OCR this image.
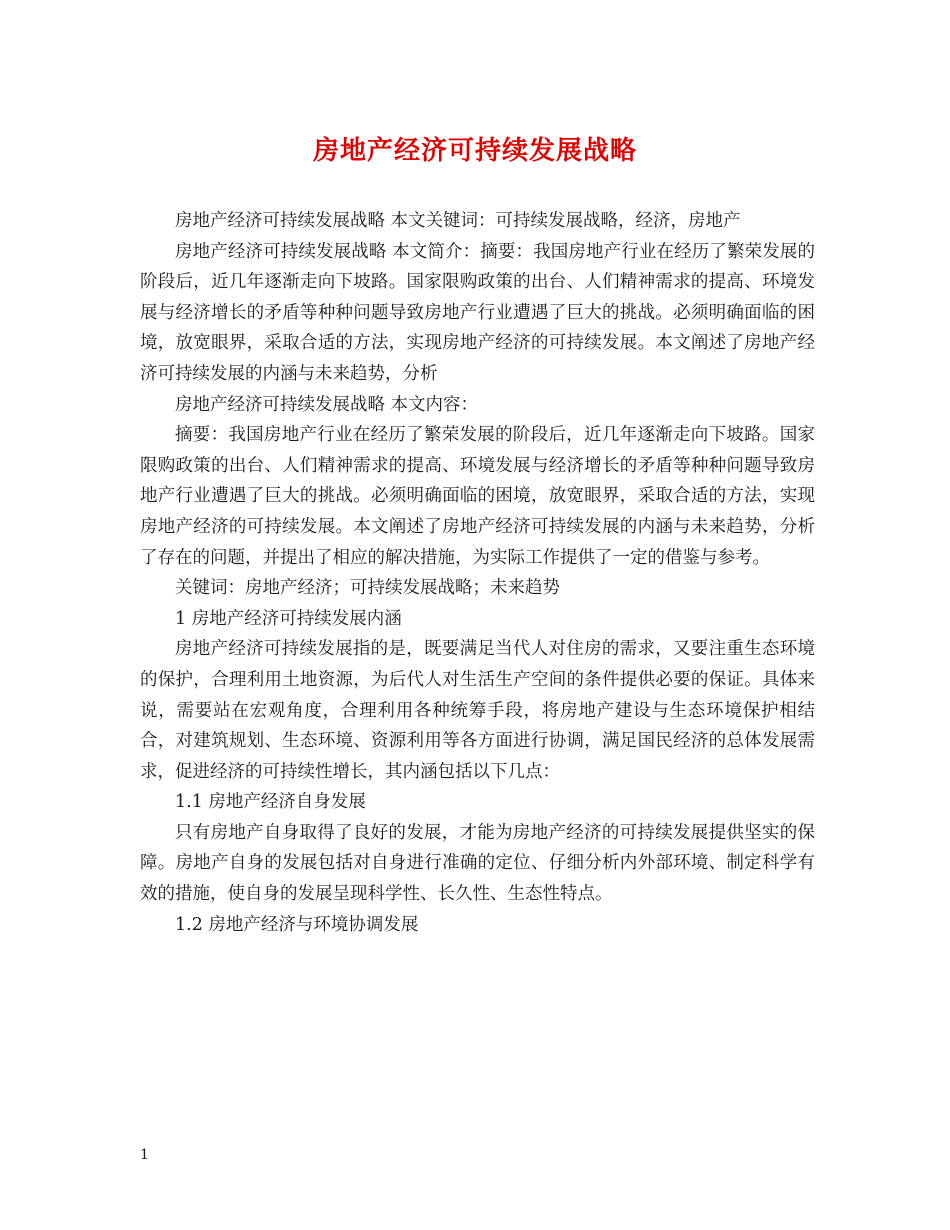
房地产经济可持续发展战略

房地产经济可持续发展战略 本文关键词：可持续发展战略，经济，房地产

房地产经济可持续发展战略 本文简介：摘要：我国房地产行业在经历了繁荣发展的阶段后，近几年逐渐走向下坡路。国家限购政策的出台、人们精神需求的提高、环境发展与经济增长的矛盾等种种问题导致房地产行业遭遇了巨大的挑战。必须明确面临的困境，放宽眼界，采取合适的方法，实现房地产经济的可持续发展。本文阐述了房地产经济可持续发展的内涵与未来趋势，分析

房地产经济可持续发展战略 本文内容：

摘要：我国房地产行业在经历了繁荣发展的阶段后，近几年逐渐走向下坡路。国家限购政策的出台、人们精神需求的提高、环境发展与经济增长的矛盾等种种问题导致房地产行业遭遇了巨大的挑战。必须明确面临的困境，放宽眼界，采取合适的方法，实现房地产经济的可持续发展。本文阐述了房地产经济可持续发展的内涵与未来趋势，分析了存在的问题，并提出了相应的解决措施，为实际工作提供了一定的借鉴与参考。

关键词：房地产经济；可持续发展战略；未来趋势

1 房地产经济可持续发展内涵

房地产经济可持续发展指的是，既要满足当代人对住房的需求，又要注重生态环境的保护，合理利用土地资源，为后代人对生活生产空间的条件提供必要的保证。具体来说，需要站在宏观角度，合理利用各种统筹手段，将房地产建设与生态环境保护相结合，对建筑规划、生态环境、资源利用等各方面进行协调，满足国民经济的总体发展需求，促进经济的可持续性增长，其内涵包括以下几点：

1.1 房地产经济自身发展

只有房地产自身取得了良好的发展，才能为房地产经济的可持续发展提供坚实的保障。房地产自身的发展包括对自身进行准确的定位、仔细分析内外部环境、制定科学有效的措施，使自身的发展呈现科学性、长久性、生态性特点。

1.2 房地产经济与环境协调发展

1
